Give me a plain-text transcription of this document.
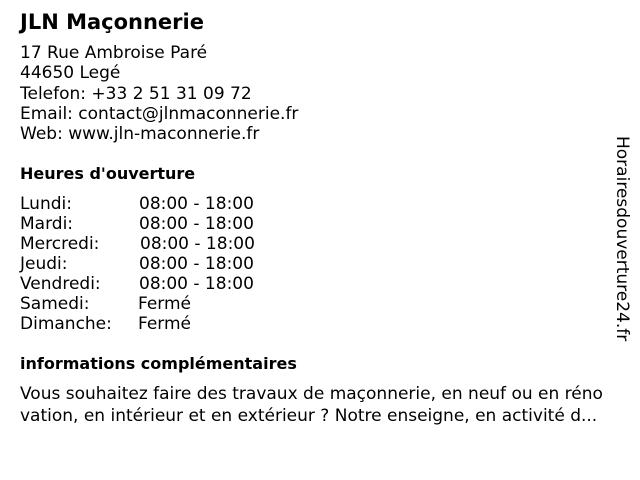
JLN Maçonnerie
17 Rue Ambroise Paré
44650 Legé
Telefon: +33 2 51 31 09 72
Email: contact@jlnmaconnerie.fr
Web: www.jln-maconnerie.fr
Heures d'ouverture
Lundi:	08:00 - 18:00
Mardi:	08:00 - 18:00
Mercredi: 08:00 - 18:00
Jeudi:	08:00 - 18:00
Vendredi: 08:00 - 18:00
Samedi:	Fermé
Dimanche: Fermé
informations complémentaires
Vous souhaitez faire des travaux de maçonnerie, en neuf ou en réno vation, en intérieur et en extérieur ? Notre enseigne, en activité d...
Horairesdouverture24.fr
